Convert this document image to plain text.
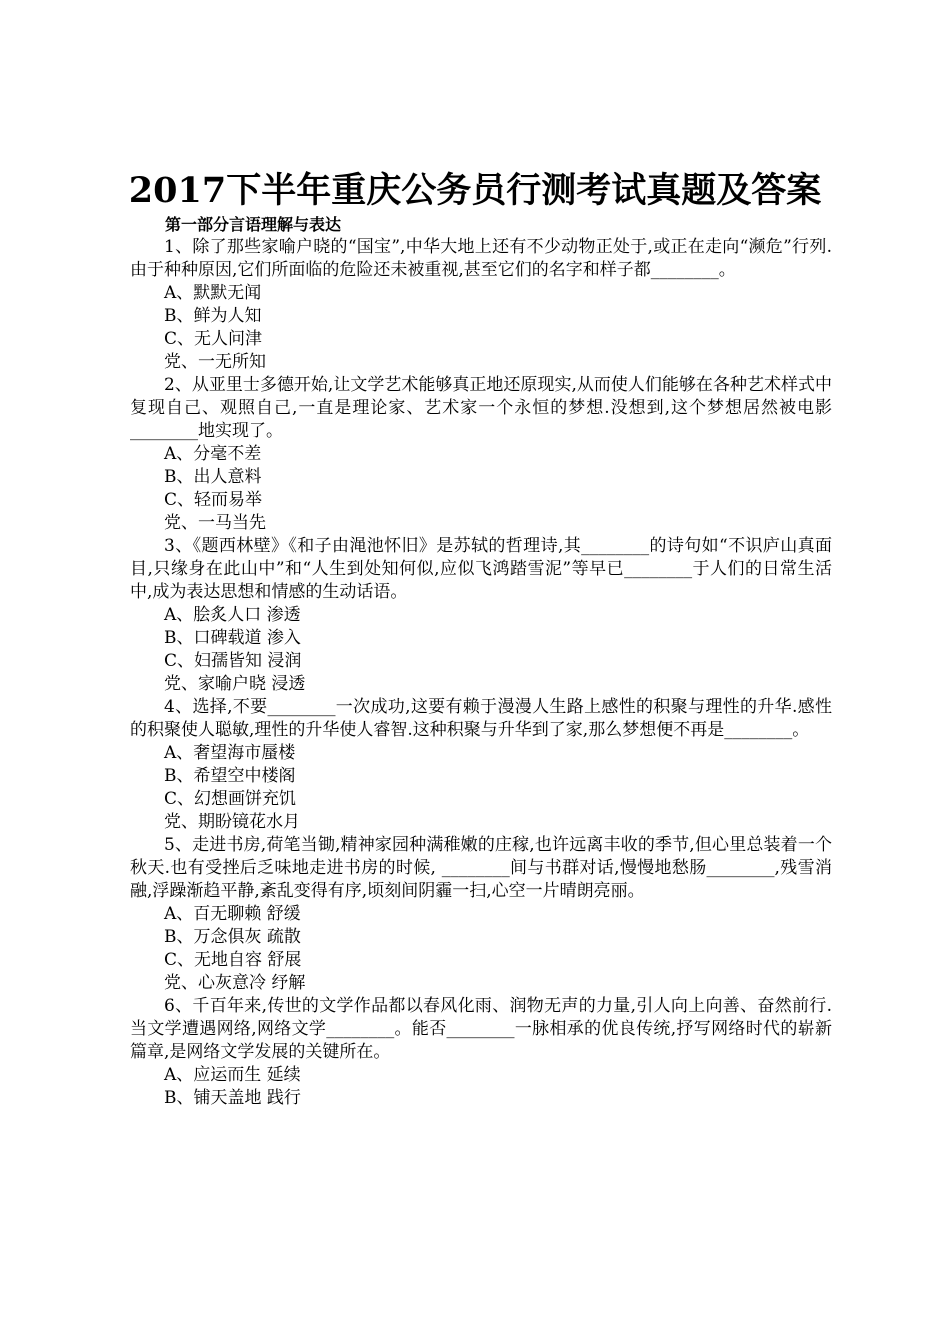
2017下半年重庆公务员行测考试真题及答案
第一部分言语理解与表达

1、除了那些家喻户晓的“国宝”,中华大地上还有不少动物正处于,或正在走向“濒危”行列.由于种种原因,它们所面临的危险还未被重视,甚至它们的名字和样子都________。

A、默默无闻

B、鲜为人知

C、无人问津

党、一无所知

2、从亚里士多德开始,让文学艺术能够真正地还原现实,从而使人们能够在各种艺术样式中复现自己、观照自己,一直是理论家、艺术家一个永恒的梦想.没想到,这个梦想居然被电影________地实现了。

A、分毫不差

B、出人意料

C、轻而易举

党、一马当先

3、《题西林壁》《和子由渑池怀旧》是苏轼的哲理诗,其________的诗句如“不识庐山真面目,只缘身在此山中”和“人生到处知何似,应似飞鸿踏雪泥”等早已________于人们的日常生活中,成为表达思想和情感的生动话语。

A、脍炙人口 渗透

B、口碑载道 渗入

C、妇孺皆知 浸润

党、家喻户晓 浸透

4、选择,不要________一次成功,这要有赖于漫漫人生路上感性的积聚与理性的升华.感性的积聚使人聪敏,理性的升华使人睿智.这种积聚与升华到了家,那么梦想便不再是________。

A、奢望海市蜃楼

B、希望空中楼阁

C、幻想画饼充饥

党、期盼镜花水月

5、走进书房,荷笔当锄,精神家园种满稚嫩的庄稼,也许远离丰收的季节,但心里总装着一个秋天.也有受挫后乏味地走进书房的时候, ________间与书群对话,慢慢地愁肠________,残雪消融,浮躁渐趋平静,紊乱变得有序,顷刻间阴霾一扫,心空一片晴朗亮丽。

A、百无聊赖 舒缓

B、万念俱灰 疏散

C、无地自容 舒展

党、心灰意冷 纾解

6、千百年来,传世的文学作品都以春风化雨、润物无声的力量,引人向上向善、奋然前行.当文学遭遇网络,网络文学________。能否________一脉相承的优良传统,抒写网络时代的崭新篇章,是网络文学发展的关键所在。

A、应运而生 延续

B、铺天盖地 践行
